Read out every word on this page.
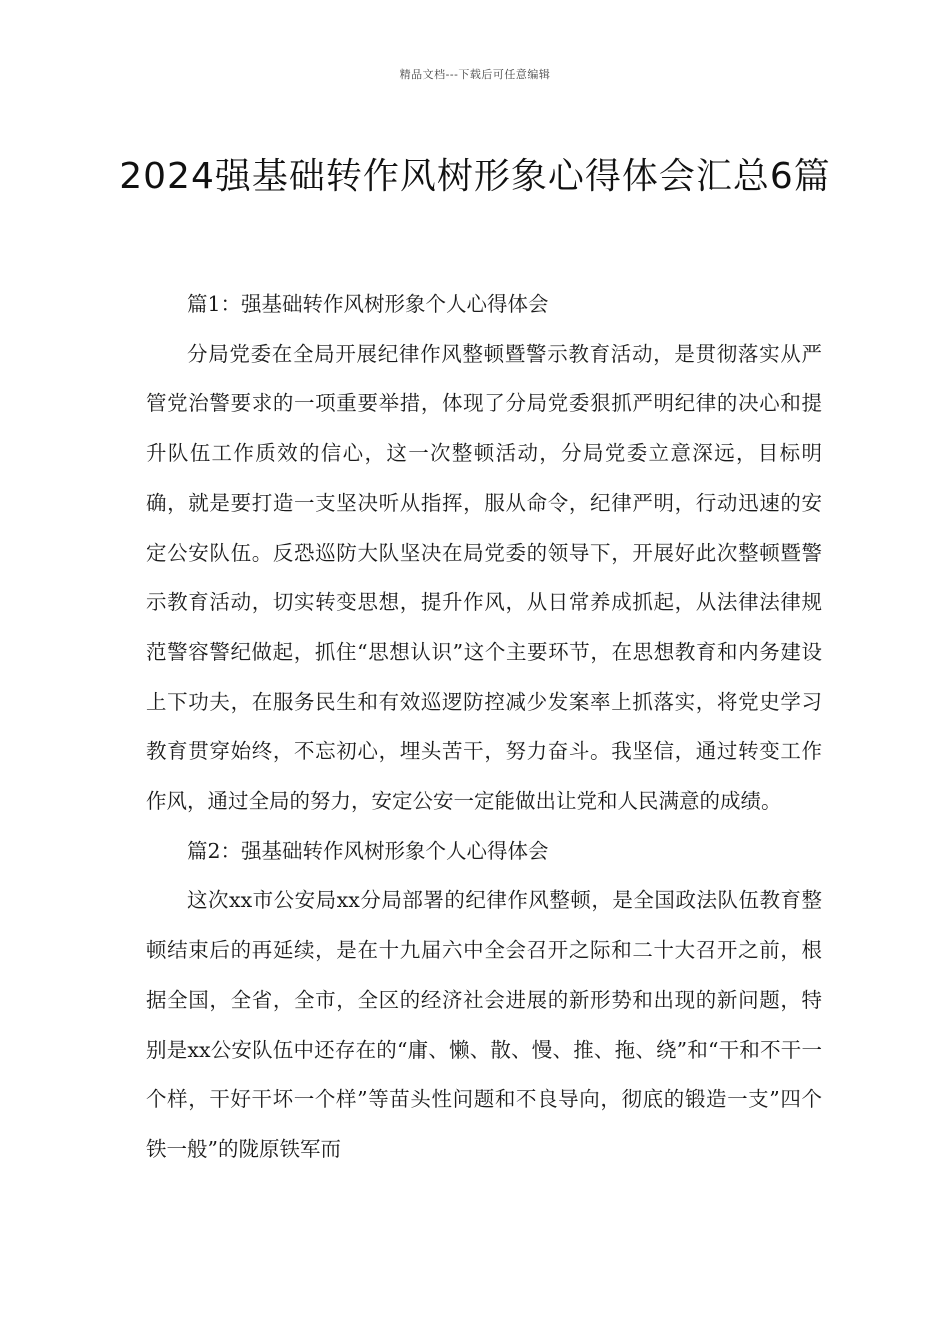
精品文档---下载后可任意编辑
2024强基础转作风树形象心得体会汇总6篇

篇1：强基础转作风树形象个人心得体会

分局党委在全局开展纪律作风整顿暨警示教育活动，是贯彻落实从严管党治警要求的一项重要举措，体现了分局党委狠抓严明纪律的决心和提升队伍工作质效的信心，这一次整顿活动，分局党委立意深远，目标明确，就是要打造一支坚决听从指挥，服从命令，纪律严明，行动迅速的安定公安队伍。反恐巡防大队坚决在局党委的领导下，开展好此次整顿暨警示教育活动，切实转变思想，提升作风，从日常养成抓起，从法律法律规范警容警纪做起，抓住“思想认识”这个主要环节，在思想教育和内务建设上下功夫，在服务民生和有效巡逻防控减少发案率上抓落实，将党史学习教育贯穿始终，不忘初心，埋头苦干，努力奋斗。我坚信，通过转变工作作风，通过全局的努力，安定公安一定能做出让党和人民满意的成绩。

篇2：强基础转作风树形象个人心得体会

这次xx市公安局xx分局部署的纪律作风整顿，是全国政法队伍教育整顿结束后的再延续，是在十九届六中全会召开之际和二十大召开之前，根据全国，全省，全市，全区的经济社会进展的新形势和出现的新问题，特别是xx公安队伍中还存在的“庸、懒、散、慢、推、拖、绕”和“干和不干一个样，干好干坏一个样”等苗头性问题和不良导向，彻底的锻造一支”四个铁一般”的陇原铁军而
